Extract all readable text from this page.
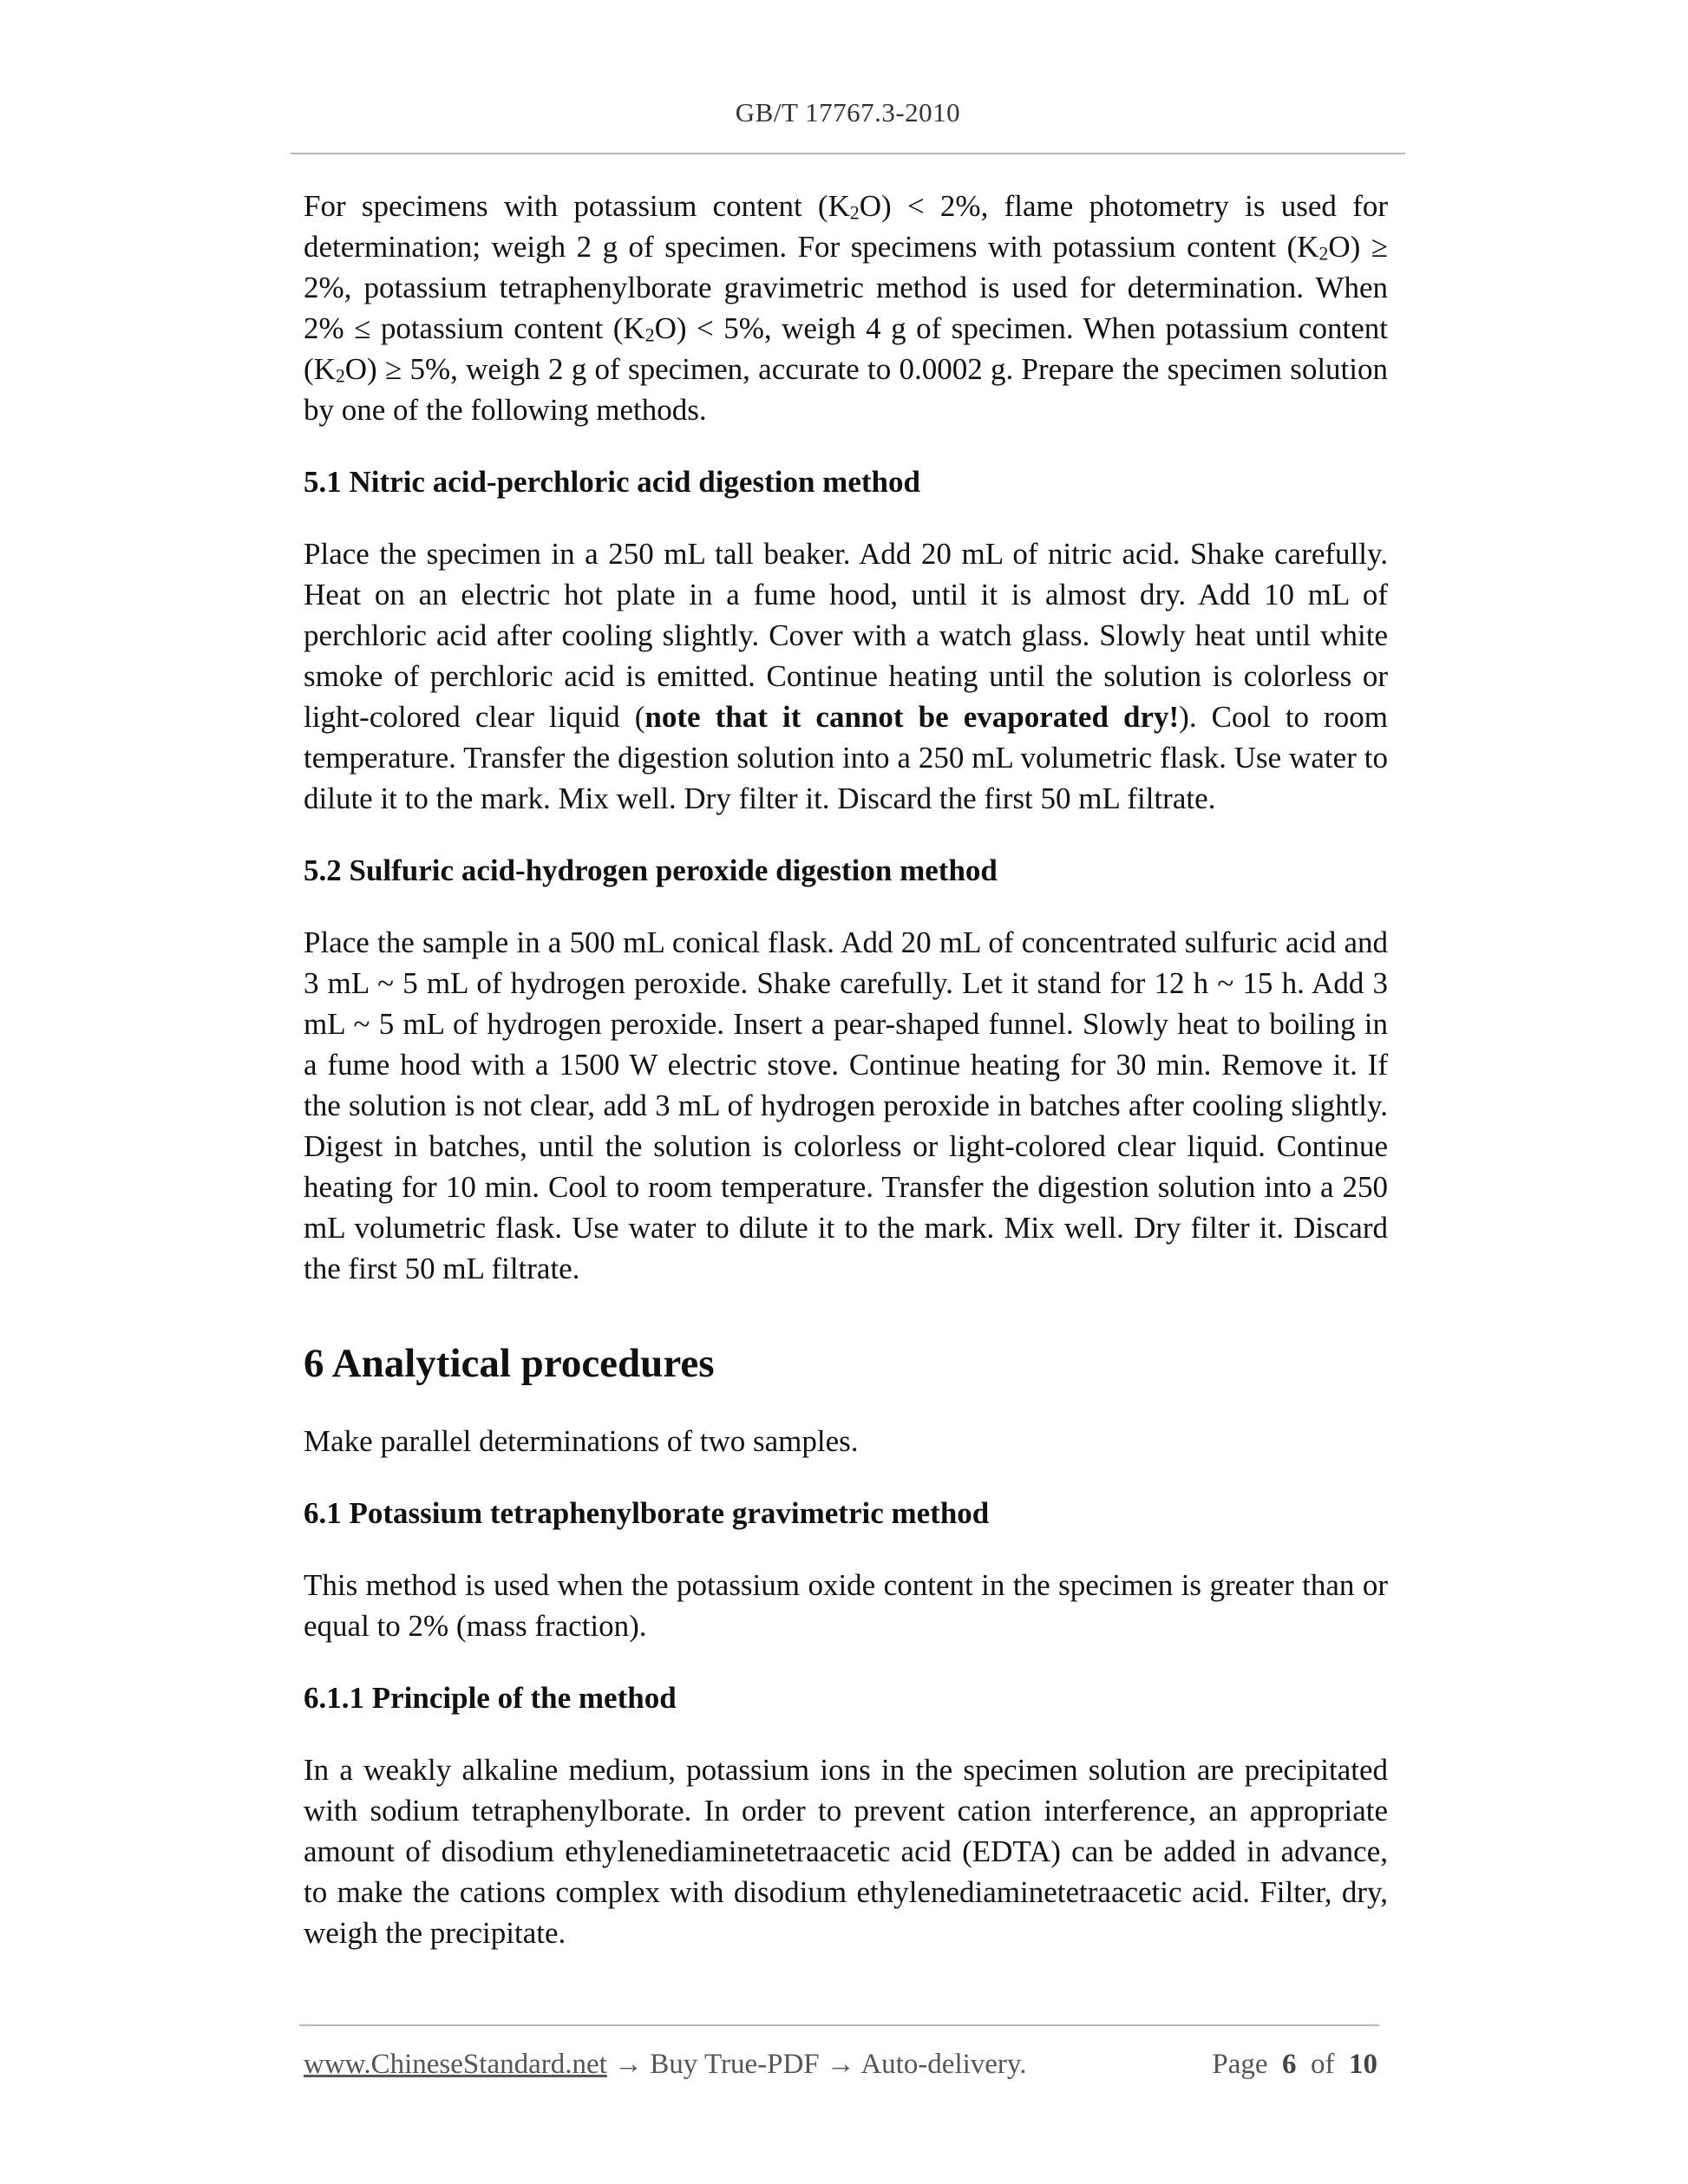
GB/T 17767.3-2010

For specimens with potassium content $(K_2O) < 2\%$, flame photometry is used for determination; weigh 2 g of specimen. For specimens with potassium content $(K_2O) \ge 2\%$, potassium tetraphenylborate gravimetric method is used for determination. When 2% ≤ potassium content $(K_2O) < 5\%$, weigh 4 g of specimen. When potassium content $(K_2O) \ge 5\%$, weigh 2 g of specimen, accurate to 0.0002 g. Prepare the specimen solution by one of the following methods.

5.1 Nitric acid-perchloric acid digestion method

Place the specimen in a 250 mL tall beaker. Add 20 mL of nitric acid. Shake carefully. Heat on an electric hot plate in a fume hood, until it is almost dry. Add 10 mL of perchloric acid after cooling slightly. Cover with a watch glass. Slowly heat until white smoke of perchloric acid is emitted. Continue heating until the solution is colorless or light-colored clear liquid (note that it cannot be evaporated dry!). Cool to room temperature. Transfer the digestion solution into a 250 mL volumetric flask. Use water to dilute it to the mark. Mix well. Dry filter it. Discard the first 50 mL filtrate.

5.2 Sulfuric acid-hydrogen peroxide digestion method

Place the sample in a 500 mL conical flask. Add 20 mL of concentrated sulfuric acid and 3 mL ~ 5 mL of hydrogen peroxide. Shake carefully. Let it stand for 12 h ~ 15 h. Add 3 mL ~ 5 mL of hydrogen peroxide. Insert a pear-shaped funnel. Slowly heat to boiling in a fume hood with a 1500 W electric stove. Continue heating for 30 min. Remove it. If the solution is not clear, add 3 mL of hydrogen peroxide in batches after cooling slightly. Digest in batches, until the solution is colorless or light-colored clear liquid. Continue heating for 10 min. Cool to room temperature. Transfer the digestion solution into a 250 mL volumetric flask. Use water to dilute it to the mark. Mix well. Dry filter it. Discard the first 50 mL filtrate.

6 Analytical procedures

Make parallel determinations of two samples.

6.1 Potassium tetraphenylborate gravimetric method

This method is used when the potassium oxide content in the specimen is greater than or equal to 2% (mass fraction).

6.1.1 Principle of the method

In a weakly alkaline medium, potassium ions in the specimen solution are precipitated with sodium tetraphenylborate. In order to prevent cation interference, an appropriate amount of disodium ethylenediaminetetraacetic acid (EDTA) can be added in advance, to make the cations complex with disodium ethylenediaminetetraacetic acid. Filter, dry, weigh the precipitate.

www.ChineseStandard.net → Buy True-PDF → Auto-delivery.	Page 6 of 10
